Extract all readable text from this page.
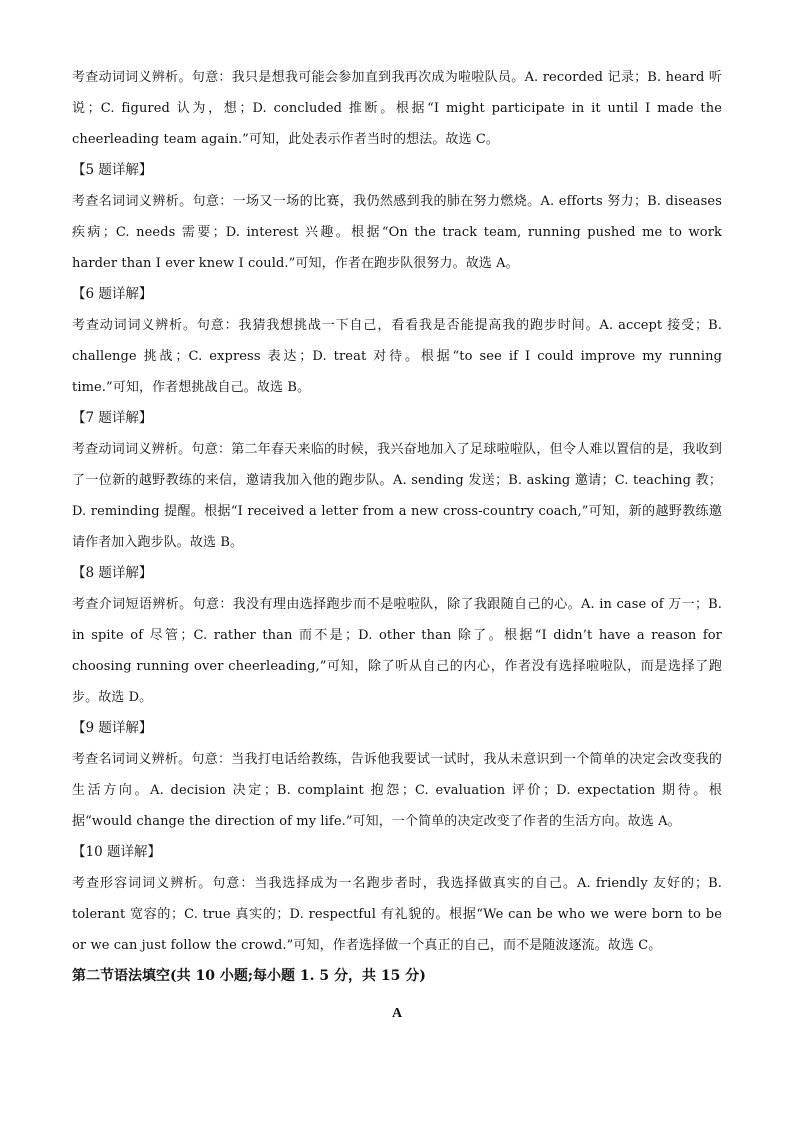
考查动词词义辨析。句意：我只是想我可能会参加直到我再次成为啦啦队员。A. recorded 记录；B. heard 听说；C. figured 认为，想；D. concluded 推断。根据“I might participate in it until I made the cheerleading team again.”可知，此处表示作者当时的想法。故选 C。

【5 题详解】

考查名词词义辨析。句意：一场又一场的比赛，我仍然感到我的肺在努力燃烧。A. efforts 努力；B. diseases 疾病；C. needs 需要；D. interest 兴趣。根据“On the track team, running pushed me to work harder than I ever knew I could.”可知，作者在跑步队很努力。故选 A。

【6 题详解】

考查动词词义辨析。句意：我猜我想挑战一下自己，看看我是否能提高我的跑步时间。A. accept 接受；B. challenge 挑战；C. express 表达；D. treat 对待。根据“to see if I could improve my running time.”可知，作者想挑战自己。故选 B。

【7 题详解】

考查动词词义辨析。句意：第二年春天来临的时候，我兴奋地加入了足球啦啦队，但令人难以置信的是，我收到了一位新的越野教练的来信，邀请我加入他的跑步队。A. sending 发送；B. asking 邀请；C. teaching 教；D. reminding 提醒。根据“I received a letter from a new cross-country coach,”可知，新的越野教练邀请作者加入跑步队。故选 B。

【8 题详解】

考查介词短语辨析。句意：我没有理由选择跑步而不是啦啦队，除了我跟随自己的心。A. in case of 万一；B. in spite of 尽管；C. rather than 而不是；D. other than 除了。根据“I didn’t have a reason for choosing running over cheerleading,”可知，除了听从自己的内心，作者没有选择啦啦队，而是选择了跑步。故选 D。

【9 题详解】

考查名词词义辨析。句意：当我打电话给教练，告诉他我要试一试时，我从未意识到一个简单的决定会改变我的生活方向。A. decision 决定；B. complaint 抱怨；C. evaluation 评价；D. expectation 期待。根据“would change the direction of my life.”可知，一个简单的决定改变了作者的生活方向。故选 A。

【10 题详解】

考查形容词词义辨析。句意：当我选择成为一名跑步者时，我选择做真实的自己。A. friendly 友好的；B. tolerant 宽容的；C. true 真实的；D. respectful 有礼貌的。根据“We can be who we were born to be or we can just follow the crowd.”可知，作者选择做一个真正的自己，而不是随波逐流。故选 C。

第二节语法填空(共 10 小题;每小题 1. 5 分，共 15 分)

A
